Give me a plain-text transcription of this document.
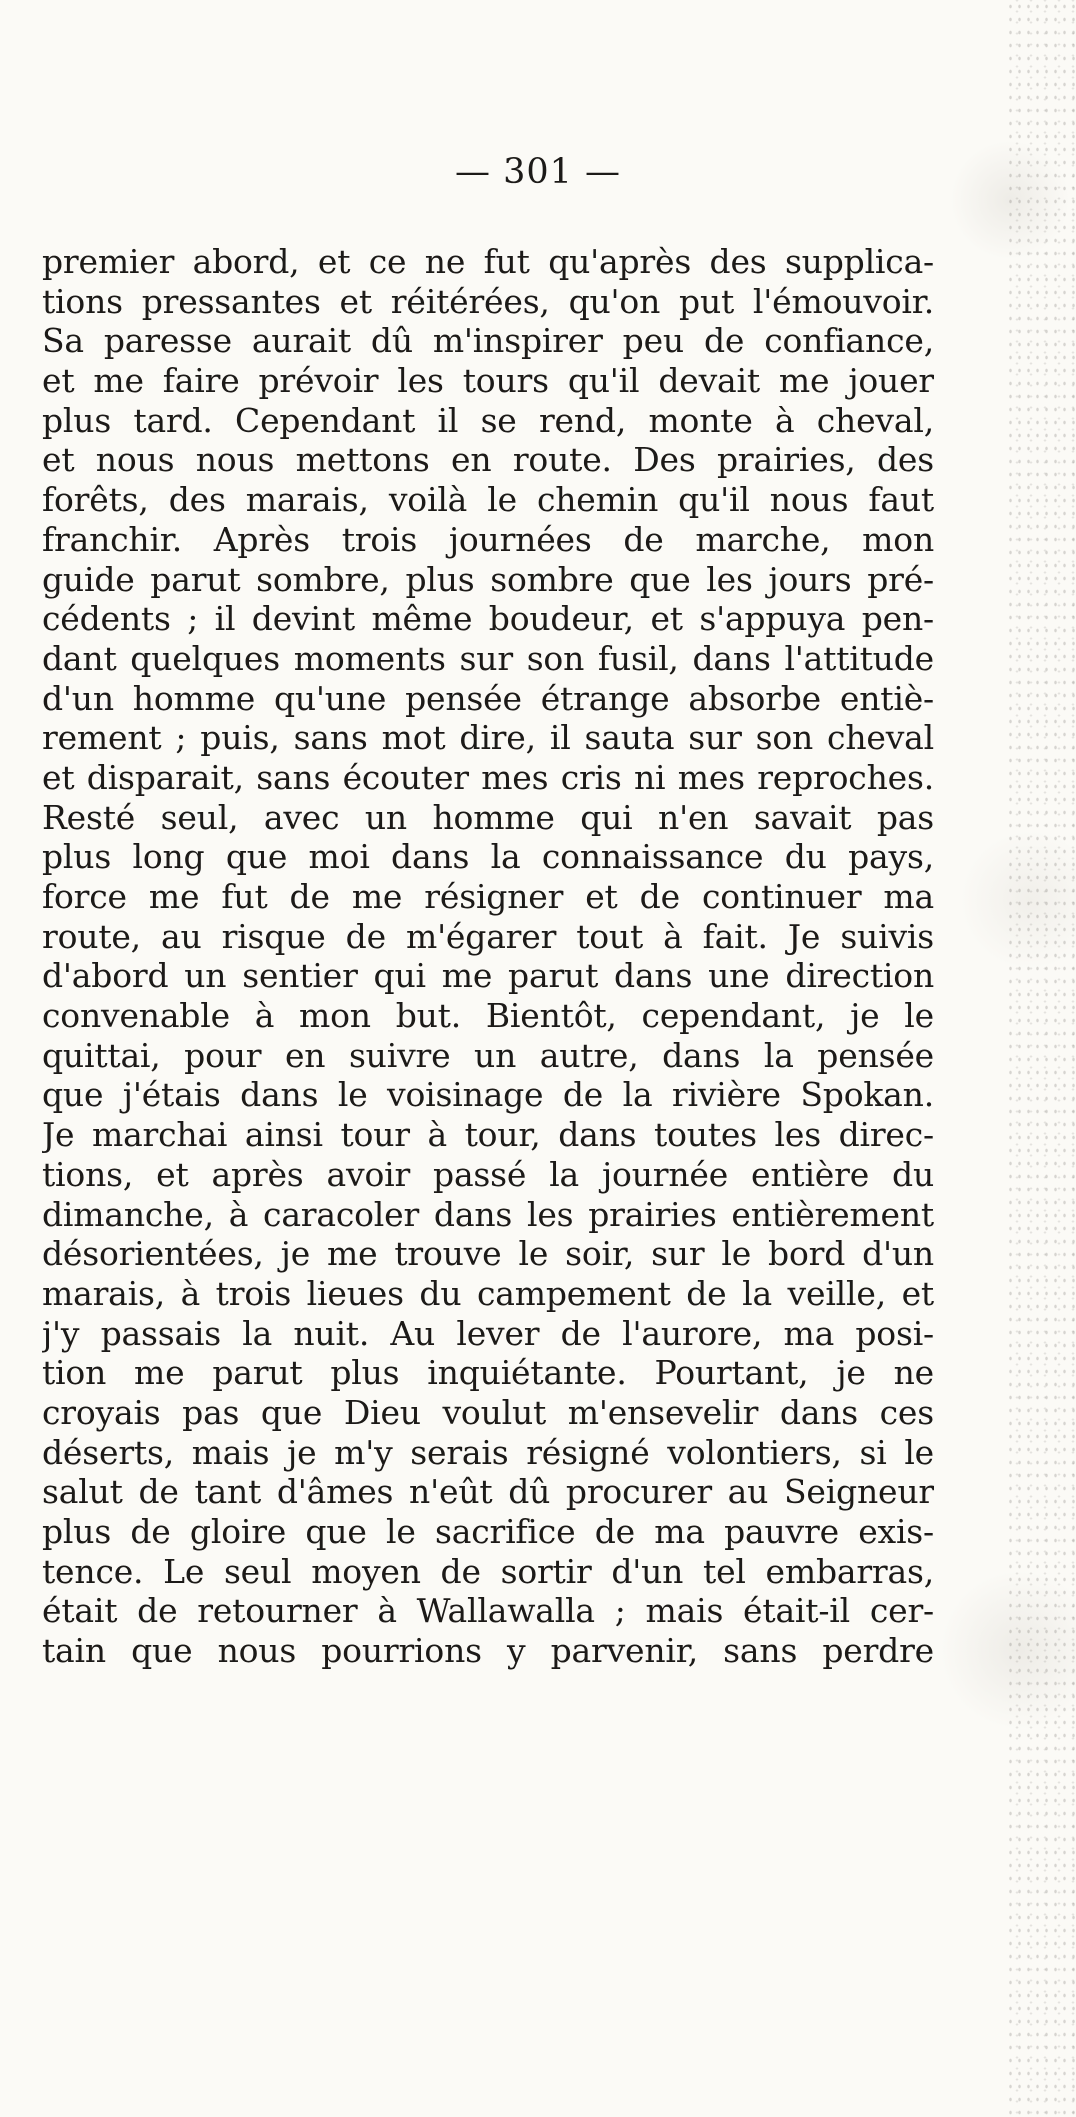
— 301 —
premier abord, et ce ne fut qu'après des supplica-
tions pressantes et réitérées, qu'on put l'émouvoir.
Sa paresse aurait dû m'inspirer peu de confiance,
et me faire prévoir les tours qu'il devait me jouer
plus tard. Cependant il se rend, monte à cheval,
et nous nous mettons en route. Des prairies, des
forêts, des marais, voilà le chemin qu'il nous faut
franchir. Après trois journées de marche, mon
guide parut sombre, plus sombre que les jours pré-
cédents ; il devint même boudeur, et s'appuya pen-
dant quelques moments sur son fusil, dans l'attitude
d'un homme qu'une pensée étrange absorbe entiè-
rement ; puis, sans mot dire, il sauta sur son cheval
et disparait, sans écouter mes cris ni mes reproches.
Resté seul, avec un homme qui n'en savait pas
plus long que moi dans la connaissance du pays,
force me fut de me résigner et de continuer ma
route, au risque de m'égarer tout à fait. Je suivis
d'abord un sentier qui me parut dans une direction
convenable à mon but. Bientôt, cependant, je le
quittai, pour en suivre un autre, dans la pensée
que j'étais dans le voisinage de la rivière Spokan.
Je marchai ainsi tour à tour, dans toutes les direc-
tions, et après avoir passé la journée entière du
dimanche, à caracoler dans les prairies entièrement
désorientées, je me trouve le soir, sur le bord d'un
marais, à trois lieues du campement de la veille, et
j'y passais la nuit. Au lever de l'aurore, ma posi-
tion me parut plus inquiétante. Pourtant, je ne
croyais pas que Dieu voulut m'ensevelir dans ces
déserts, mais je m'y serais résigné volontiers, si le
salut de tant d'âmes n'eût dû procurer au Seigneur
plus de gloire que le sacrifice de ma pauvre exis-
tence. Le seul moyen de sortir d'un tel embarras,
était de retourner à Wallawalla ; mais était-il cer-
tain que nous pourrions y parvenir, sans perdre
